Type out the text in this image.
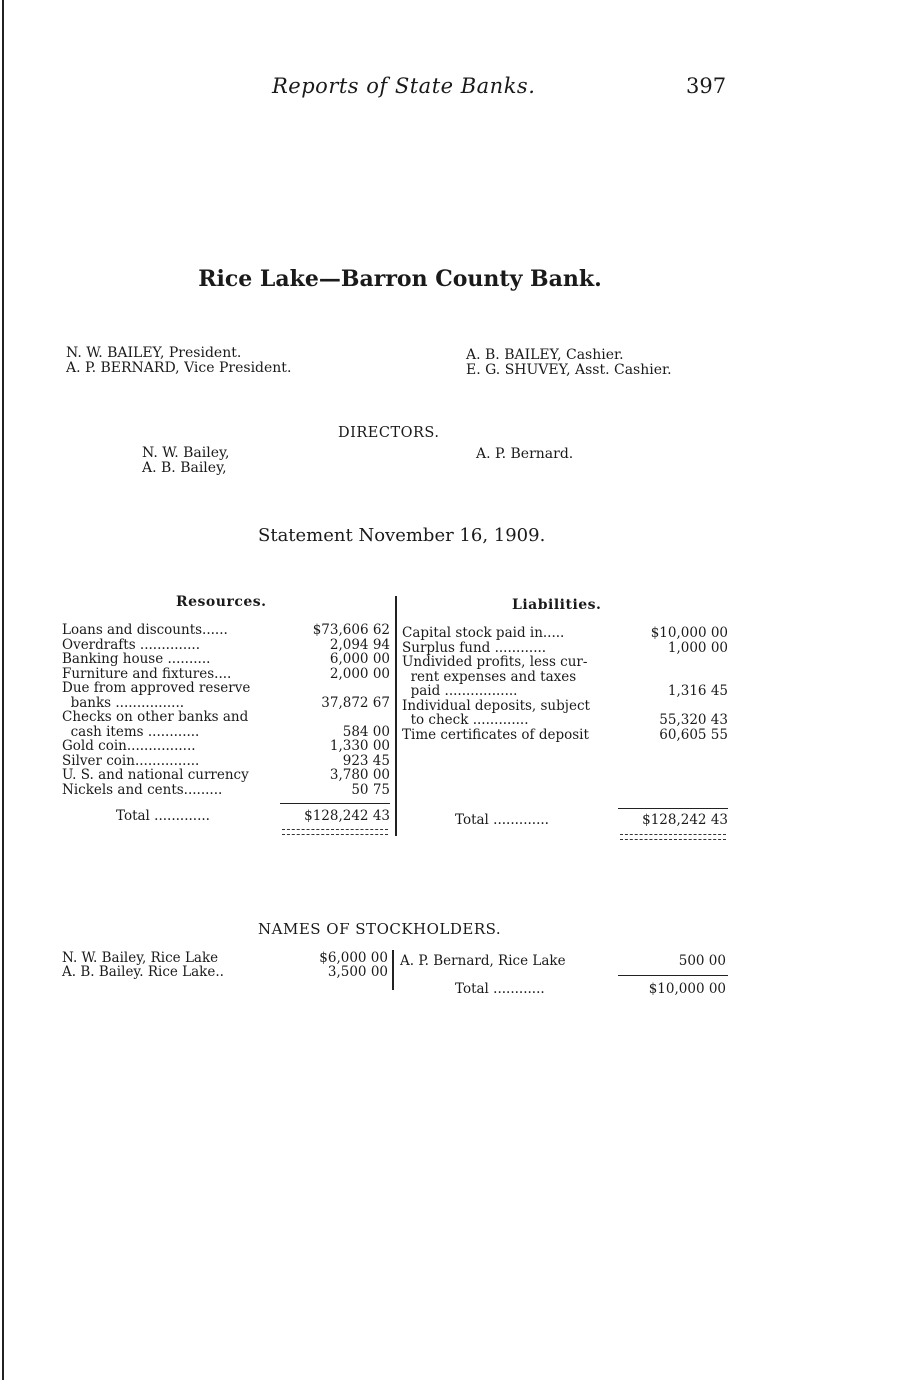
Reports of State Banks.	397
Rice Lake—Barron County Bank.
N. W. BAILEY, President.
A. P. BERNARD, Vice President.
A. B. BAILEY, Cashier.
E. G. SHUVEY, Asst. Cashier.
DIRECTORS.
N. W. Bailey,
A. B. Bailey,
A. P. Bernard.
Statement November 16, 1909.
Resources.	Liabilities.
Loans and discounts......	$73,606 62
Overdrafts ..............	2,094 94
Banking house ..........	6,000 00
Furniture and fixtures....	2,000 00
Due from approved reserve
banks ................	37,872 67
Checks on other banks and
cash items ............	584 00
Gold coin................	1,330 00
Silver coin...............	923 45
U. S. and national currency	3,780 00
Nickels and cents.........	50 75
Total .............	$128,242 43
Capital stock paid in.....	$10,000 00
Surplus fund ............	1,000 00
Undivided profits, less cur-
rent expenses and taxes
paid .................	1,316 45
Individual deposits, subject
to check .............	55,320 43
Time certificates of deposit	60,605 55
Total .............	$128,242 43
NAMES OF STOCKHOLDERS.
N. W. Bailey, Rice Lake	$6,000 00
A. B. Bailey. Rice Lake..	3,500 00
A. P. Bernard, Rice Lake	500 00
Total ............	$10,000 00
